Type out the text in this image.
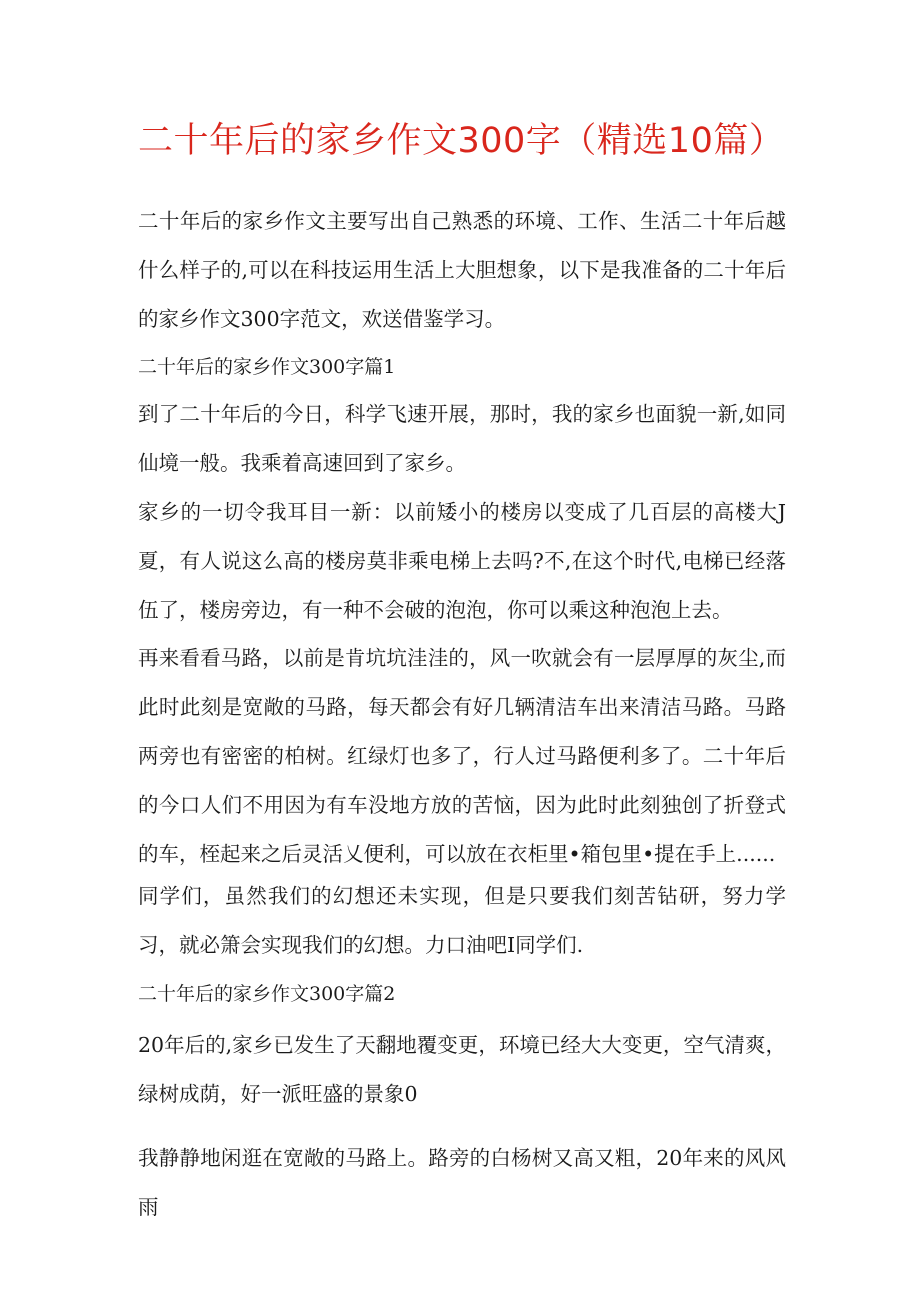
二十年后的家乡作文300字（精选10篇）

二十年后的家乡作文主要写出自己熟悉的环境、工作、生活二十年后越什么样子的,可以在科技运用生活上大胆想象，以下是我准备的二十年后的家乡作文300字范文，欢送借鉴学习。

二十年后的家乡作文300字篇1

到了二十年后的今日，科学飞速开展，那时，我的家乡也面貌一新,如同仙境一般。我乘着高速回到了家乡。

家乡的一切令我耳目一新：以前矮小的楼房以变成了几百层的高楼大J夏，有人说这么高的楼房莫非乘电梯上去吗?不,在这个时代,电梯已经落伍了，楼房旁边，有一种不会破的泡泡，你可以乘这种泡泡上去。

再来看看马路，以前是肯坑坑洼洼的，风一吹就会有一层厚厚的灰尘,而此时此刻是宽敞的马路，每天都会有好几辆清洁车出来清洁马路。马路两旁也有密密的柏树。红绿灯也多了，行人过马路便利多了。二十年后的今口人们不用因为有车没地方放的苦恼，因为此时此刻独创了折登式的车，桎起来之后灵活乂便利，可以放在衣柜里•箱包里•提在手上......

同学们，虽然我们的幻想还未实现，但是只要我们刻苦钻研，努力学习，就必箫会实现我们的幻想。力口油吧I同学们.

二十年后的家乡作文300字篇2

20年后的,家乡已发生了天翻地覆变更，环境已经大大变更，空气清爽，绿树成荫，好一派旺盛的景象0

我静静地闲逛在宽敞的马路上。路旁的白杨树又高又粗，20年来的风风雨
